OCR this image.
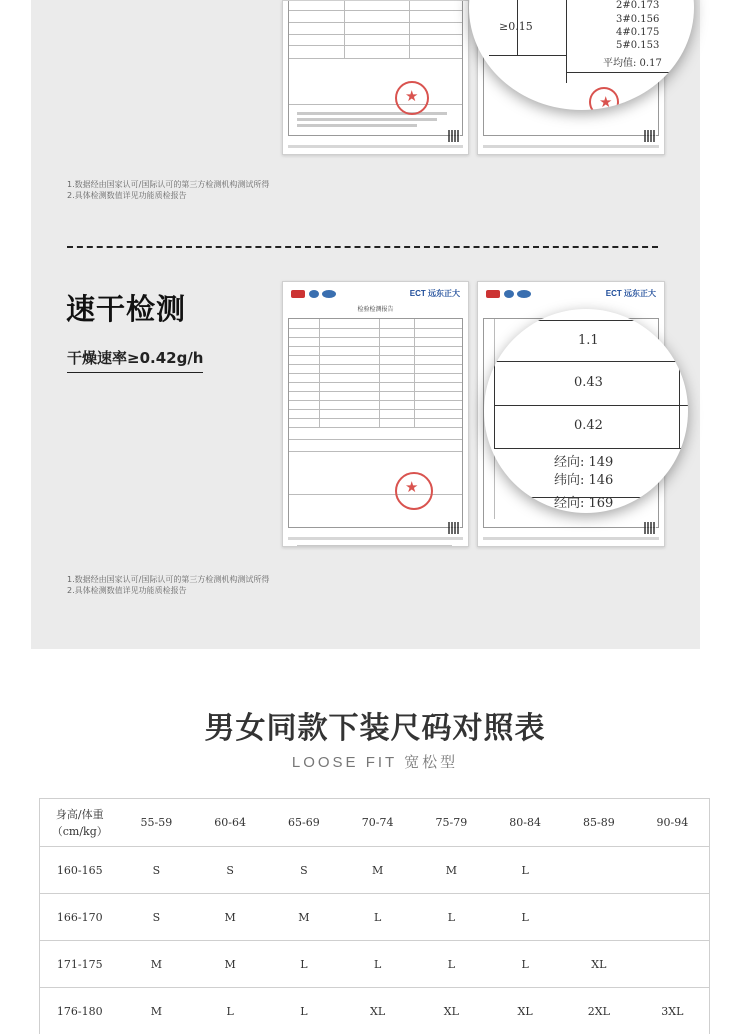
★
≥0.15
2#0.173
3#0.156
4#0.175
5#0.153
平均值: 0.17
★
1.数据经由国家认可/国际认可的第三方检测机构测试所得
2.具体检测数值详见功能质检报告
速干检测
干燥速率≥0.42g/h
ECT 远东正大
检验检测报告
★
ECT 远东正大
1.1
0.43
0.42
经向: 149
纬向: 146
经向: 169
1.数据经由国家认可/国际认可的第三方检测机构测试所得
2.具体检测数值详见功能质检报告
男女同款下装尺码对照表
LOOSE FIT 宽松型
身高/体重
（cm/kg）	55-59	60-64	65-69	70-74	75-79	80-84	85-89	90-94
160-165	S	S	S	M	M	L		
166-170	S	M	M	L	L	L		
171-175	M	M	L	L	L	L	XL	
176-180	M	L	L	XL	XL	XL	2XL	3XL
